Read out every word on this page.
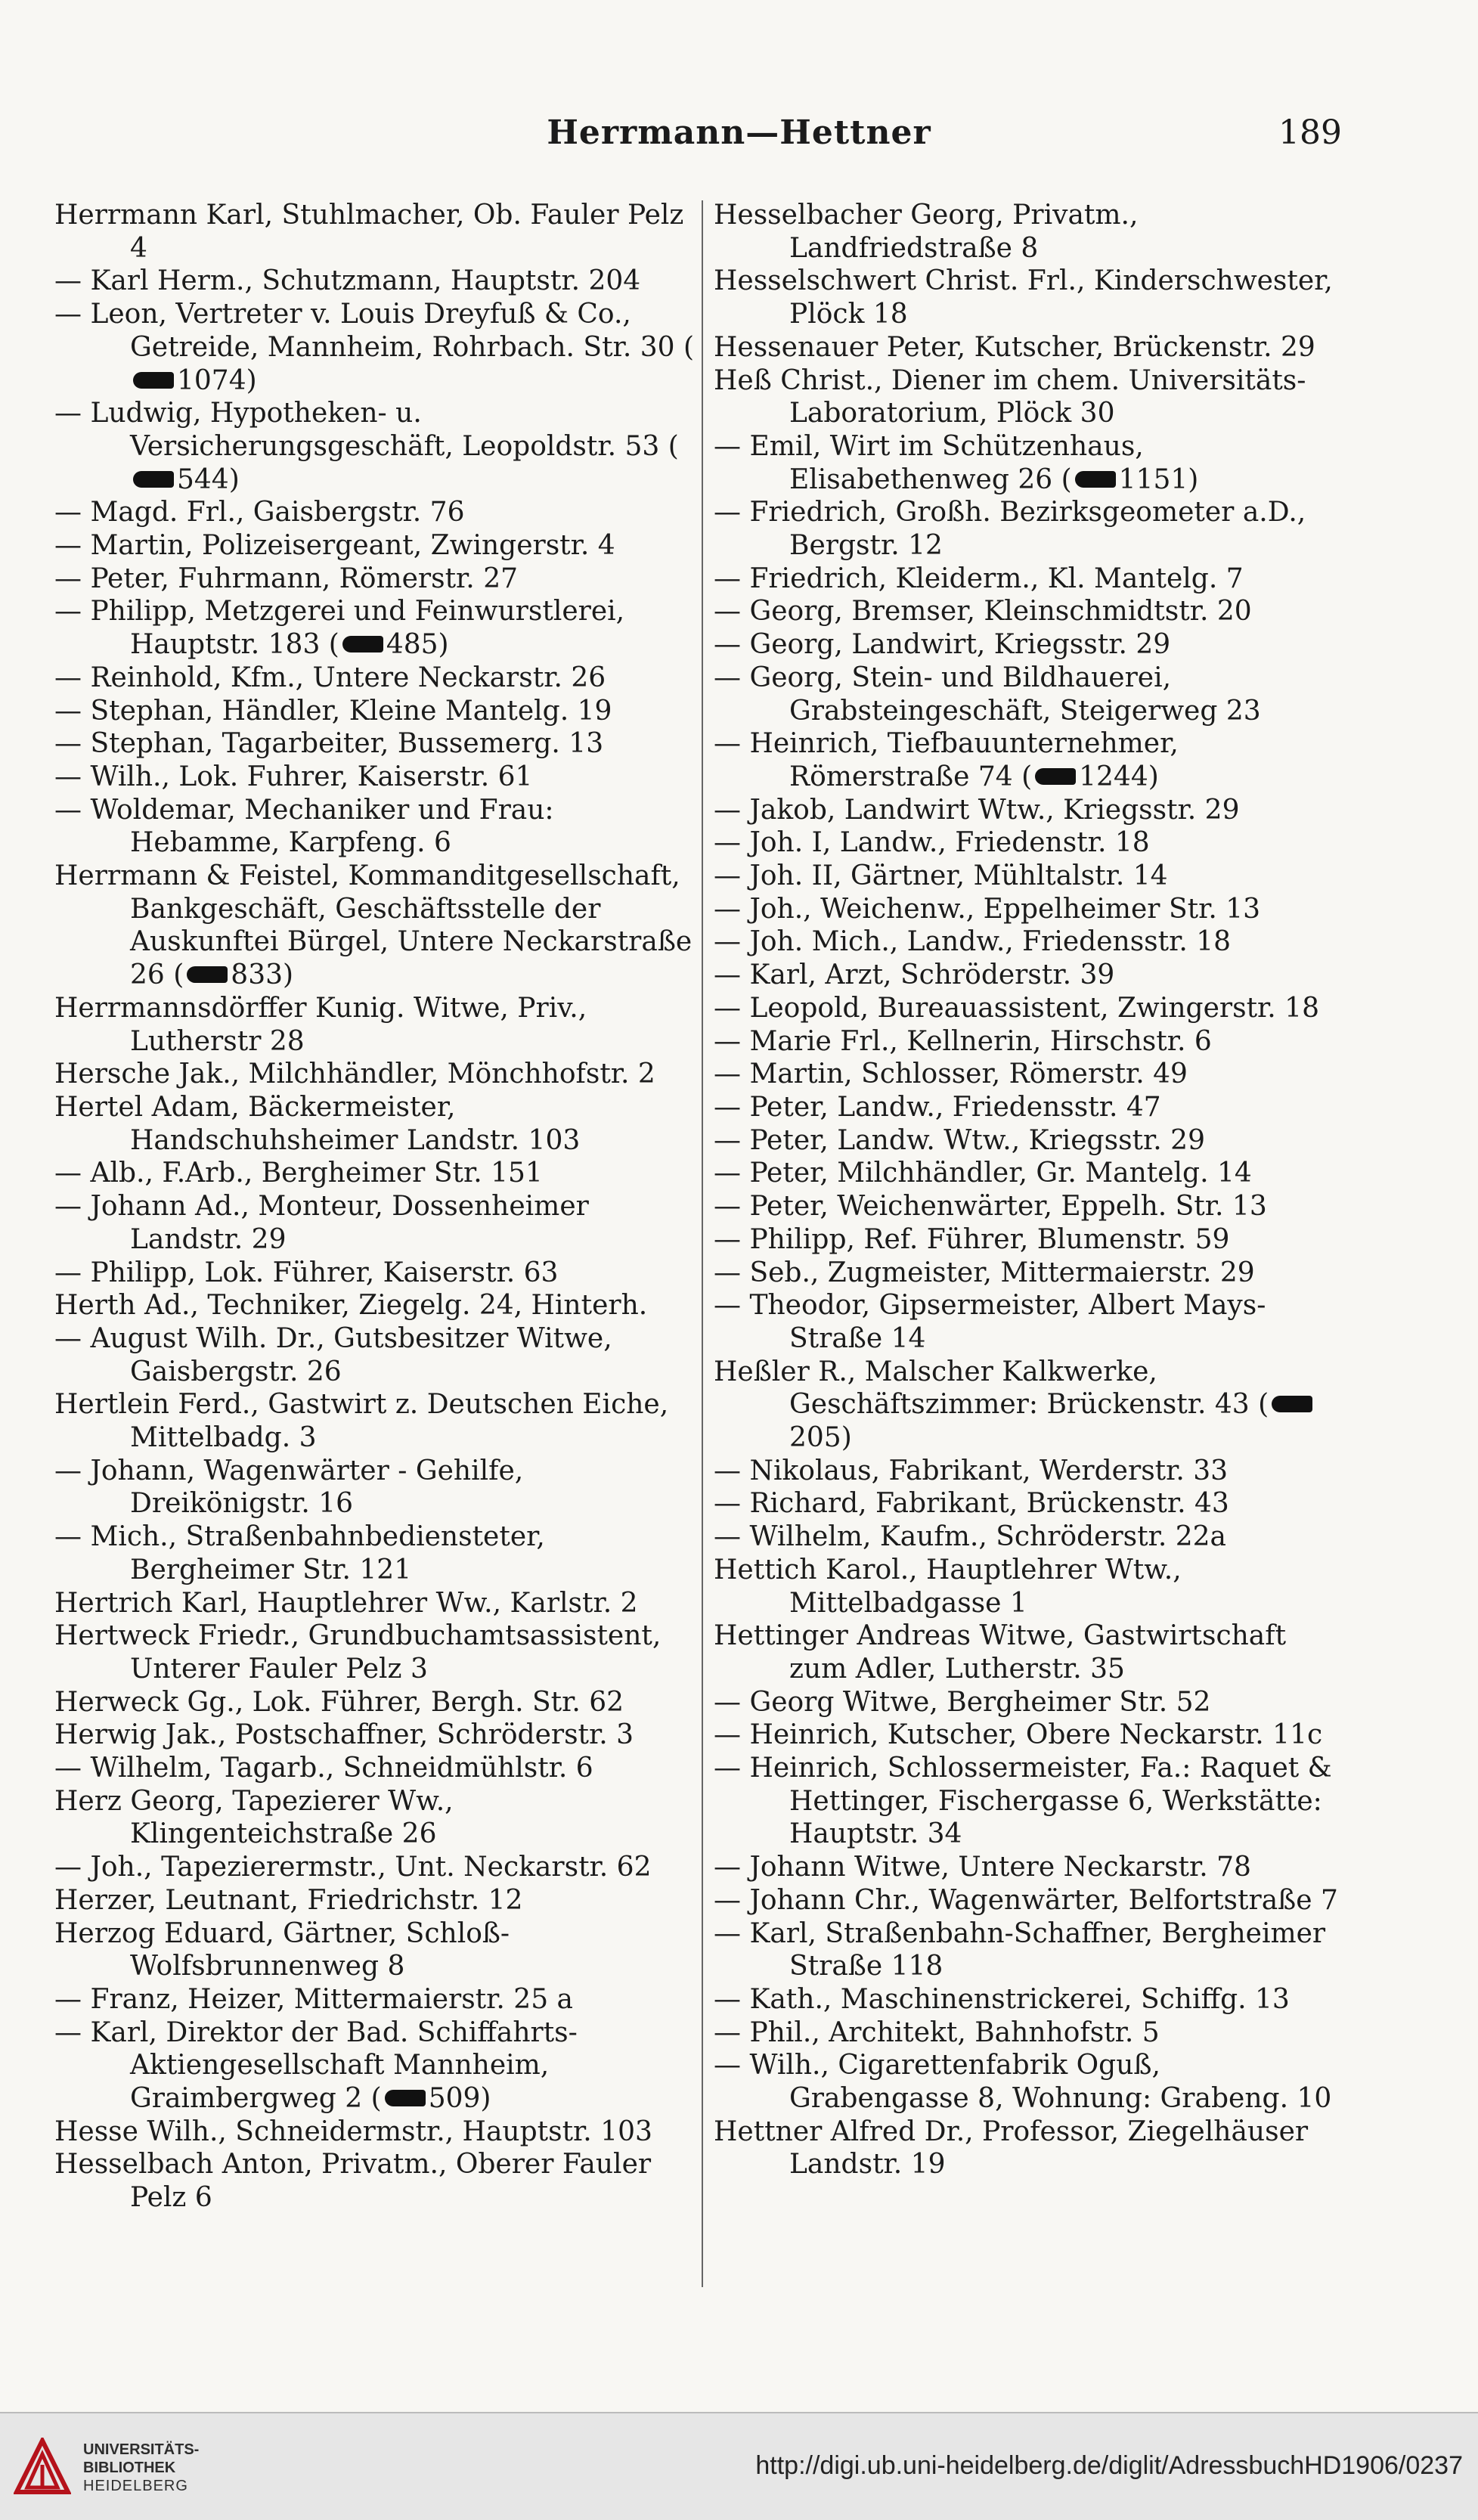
Herrmann—Hettner	189

Herrmann Karl, Stuhlmacher, Ob. Fauler Pelz 4

— Karl Herm., Schutzmann, Hauptstr. 204

— Leon, Vertreter v. Louis Dreyfuß & Co., Getreide, Mannheim, Rohrbach. Str. 30 (1074)

— Ludwig, Hypotheken- u. Versicherungsgeschäft, Leopoldstr. 53 (544)

— Magd. Frl., Gaisbergstr. 76

— Martin, Polizeisergeant, Zwingerstr. 4

— Peter, Fuhrmann, Römerstr. 27

— Philipp, Metzgerei und Feinwurstlerei, Hauptstr. 183 ( 485)

— Reinhold, Kfm., Untere Neckarstr. 26

— Stephan, Händler, Kleine Mantelg. 19

— Stephan, Tagarbeiter, Bussemerg. 13

— Wilh., Lok. Fuhrer, Kaiserstr. 61

— Woldemar, Mechaniker und Frau: Hebamme, Karpfeng. 6

Herrmann & Feistel, Kommanditgesellschaft, Bankgeschäft, Geschäftsstelle der Auskunftei Bürgel, Untere Neckarstraße 26 ( 833)

Herrmannsdörffer Kunig. Witwe, Priv., Lutherstr 28

Hersche Jak., Milchhändler, Mönchhofstr. 2

Hertel Adam, Bäckermeister, Handschuhsheimer Landstr. 103

— Alb., F.Arb., Bergheimer Str. 151

— Johann Ad., Monteur, Dossenheimer Landstr. 29

— Philipp, Lok. Führer, Kaiserstr. 63

Herth Ad., Techniker, Ziegelg. 24, Hinterh.

— August Wilh. Dr., Gutsbesitzer Witwe, Gaisbergstr. 26

Hertlein Ferd., Gastwirt z. Deutschen Eiche, Mittelbadg. 3

— Johann, Wagenwärter - Gehilfe, Dreikönigstr. 16

— Mich., Straßenbahnbediensteter, Bergheimer Str. 121

Hertrich Karl, Hauptlehrer Ww., Karlstr. 2

Hertweck Friedr., Grundbuchamtsassistent, Unterer Fauler Pelz 3

Herweck Gg., Lok. Führer, Bergh. Str. 62

Herwig Jak., Postschaffner, Schröderstr. 3

— Wilhelm, Tagarb., Schneidmühlstr. 6

Herz Georg, Tapezierer Ww., Klingenteichstraße 26

— Joh., Tapezierermstr., Unt. Neckarstr. 62

Herzer, Leutnant, Friedrichstr. 12

Herzog Eduard, Gärtner, Schloß-Wolfsbrunnenweg 8

— Franz, Heizer, Mittermaierstr. 25 a

— Karl, Direktor der Bad. Schiffahrts-Aktiengesellschaft Mannheim, Graimbergweg 2 ( 509)

Hesse Wilh., Schneidermstr., Hauptstr. 103

Hesselbach Anton, Privatm., Oberer Fauler Pelz 6

Hesselbacher Georg, Privatm., Landfriedstraße 8

Hesselschwert Christ. Frl., Kinderschwester, Plöck 18

Hessenauer Peter, Kutscher, Brückenstr. 29

Heß Christ., Diener im chem. Universitäts-Laboratorium, Plöck 30

— Emil, Wirt im Schützenhaus, Elisabethenweg 26 ( 1151)

— Friedrich, Großh. Bezirksgeometer a.D., Bergstr. 12

— Friedrich, Kleiderm., Kl. Mantelg. 7

— Georg, Bremser, Kleinschmidtstr. 20

— Georg, Landwirt, Kriegsstr. 29

— Georg, Stein- und Bildhauerei, Grabsteingeschäft, Steigerweg 23

— Heinrich, Tiefbauunternehmer, Römerstraße 74 ( 1244)

— Jakob, Landwirt Wtw., Kriegsstr. 29

— Joh. I, Landw., Friedenstr. 18

— Joh. II, Gärtner, Mühltalstr. 14

— Joh., Weichenw., Eppelheimer Str. 13

— Joh. Mich., Landw., Friedensstr. 18

— Karl, Arzt, Schröderstr. 39

— Leopold, Bureauassistent, Zwingerstr. 18

— Marie Frl., Kellnerin, Hirschstr. 6

— Martin, Schlosser, Römerstr. 49

— Peter, Landw., Friedensstr. 47

— Peter, Landw. Wtw., Kriegsstr. 29

— Peter, Milchhändler, Gr. Mantelg. 14

— Peter, Weichenwärter, Eppelh. Str. 13

— Philipp, Ref. Führer, Blumenstr. 59

— Seb., Zugmeister, Mittermaierstr. 29

— Theodor, Gipsermeister, Albert Mays-Straße 14

Heßler R., Malscher Kalkwerke, Geschäftszimmer: Brückenstr. 43 (205)

— Nikolaus, Fabrikant, Werderstr. 33

— Richard, Fabrikant, Brückenstr. 43

— Wilhelm, Kaufm., Schröderstr. 22a

Hettich Karol., Hauptlehrer Wtw., Mittelbadgasse 1

Hettinger Andreas Witwe, Gastwirtschaft zum Adler, Lutherstr. 35

— Georg Witwe, Bergheimer Str. 52

— Heinrich, Kutscher, Obere Neckarstr. 11c

— Heinrich, Schlossermeister, Fa.: Raquet & Hettinger, Fischergasse 6, Werkstätte: Hauptstr. 34

— Johann Witwe, Untere Neckarstr. 78

— Johann Chr., Wagenwärter, Belfortstraße 7

— Karl, Straßenbahn-Schaffner, Bergheimer Straße 118

— Kath., Maschinenstrickerei, Schiffg. 13

— Phil., Architekt, Bahnhofstr. 5

— Wilh., Cigarettenfabrik Oguß, Grabengasse 8, Wohnung: Grabeng. 10

Hettner Alfred Dr., Professor, Ziegelhäuser Landstr. 19

UNIVERSITÄTS-
BIBLIOTHEK
HEIDELBERG
http://digi.ub.uni-heidelberg.de/diglit/AdressbuchHD1906/0237
